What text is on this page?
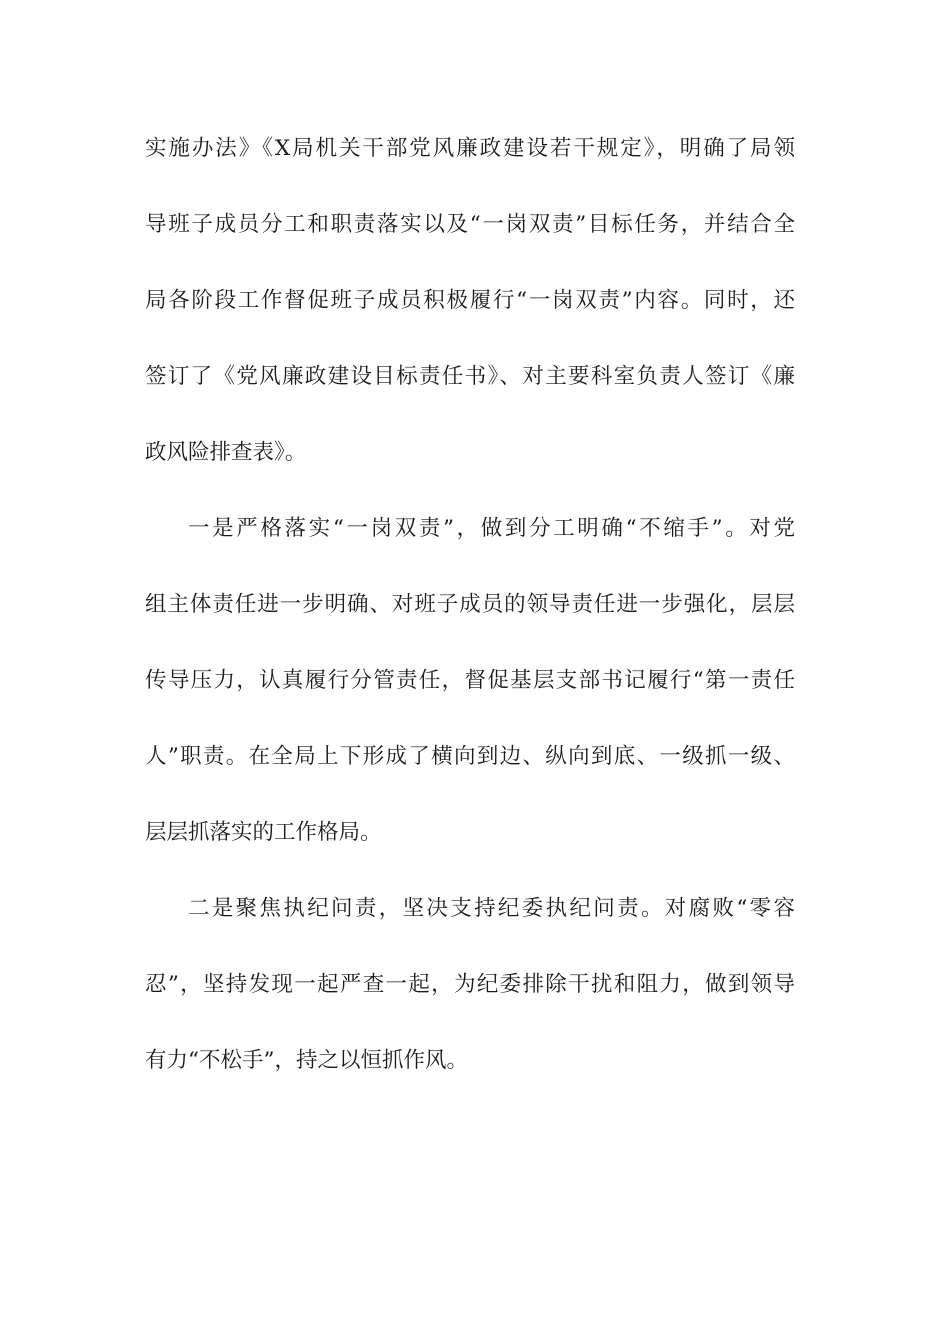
实施办法》《X局机关干部党风廉政建设若干规定》，明确了局领
导班子成员分工和职责落实以及“一岗双责”目标任务，并结合全
局各阶段工作督促班子成员积极履行“一岗双责”内容。同时，还
签订了《党风廉政建设目标责任书》、对主要科室负责人签订《廉
政风险排查表》。
一是严格落实“一岗双责”，做到分工明确“不缩手”。对党
组主体责任进一步明确、对班子成员的领导责任进一步强化，层层
传导压力，认真履行分管责任，督促基层支部书记履行“第一责任
人”职责。在全局上下形成了横向到边、纵向到底、一级抓一级、
层层抓落实的工作格局。
二是聚焦执纪问责，坚决支持纪委执纪问责。对腐败“零容
忍”，坚持发现一起严查一起，为纪委排除干扰和阻力，做到领导
有力“不松手”，持之以恒抓作风。
